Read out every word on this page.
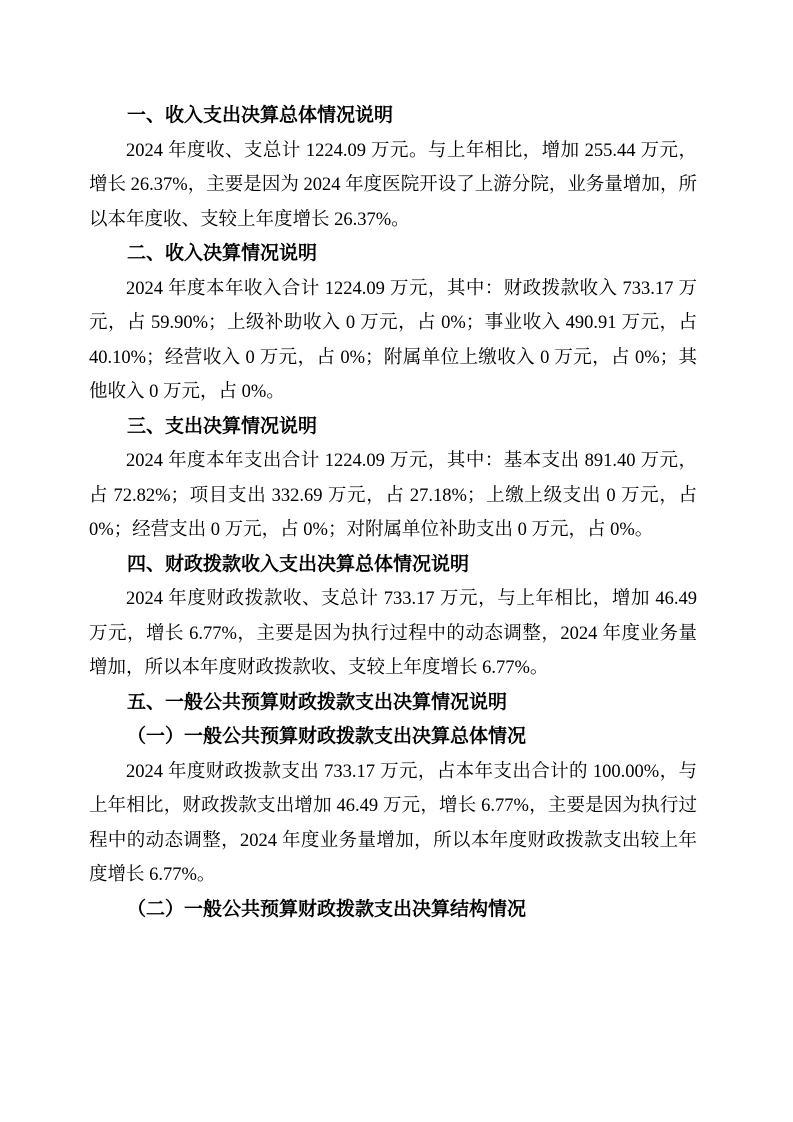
一、收入支出决算总体情况说明

2024 年度收、支总计 1224.09 万元。与上年相比，增加 255.44 万元，增长 26.37%，主要是因为 2024 年度医院开设了上游分院，业务量增加，所以本年度收、支较上年度增长 26.37%。

二、收入决算情况说明

2024 年度本年收入合计 1224.09 万元，其中：财政拨款收入 733.17 万元，占 59.90%；上级补助收入 0 万元，占 0%；事业收入 490.91 万元，占 40.10%；经营收入 0 万元，占 0%；附属单位上缴收入 0 万元，占 0%；其他收入 0 万元，占 0%。

三、支出决算情况说明

2024 年度本年支出合计 1224.09 万元，其中：基本支出 891.40 万元，占 72.82%；项目支出 332.69 万元，占 27.18%；上缴上级支出 0 万元，占 0%；经营支出 0 万元，占 0%；对附属单位补助支出 0 万元，占 0%。

四、财政拨款收入支出决算总体情况说明

2024 年度财政拨款收、支总计 733.17 万元，与上年相比，增加 46.49 万元，增长 6.77%，主要是因为执行过程中的动态调整，2024 年度业务量增加，所以本年度财政拨款收、支较上年度增长 6.77%。

五、一般公共预算财政拨款支出决算情况说明
（一）一般公共预算财政拨款支出决算总体情况

2024 年度财政拨款支出 733.17 万元，占本年支出合计的 100.00%，与上年相比，财政拨款支出增加 46.49 万元，增长 6.77%，主要是因为执行过程中的动态调整，2024 年度业务量增加，所以本年度财政拨款支出较上年度增长 6.77%。

（二）一般公共预算财政拨款支出决算结构情况
